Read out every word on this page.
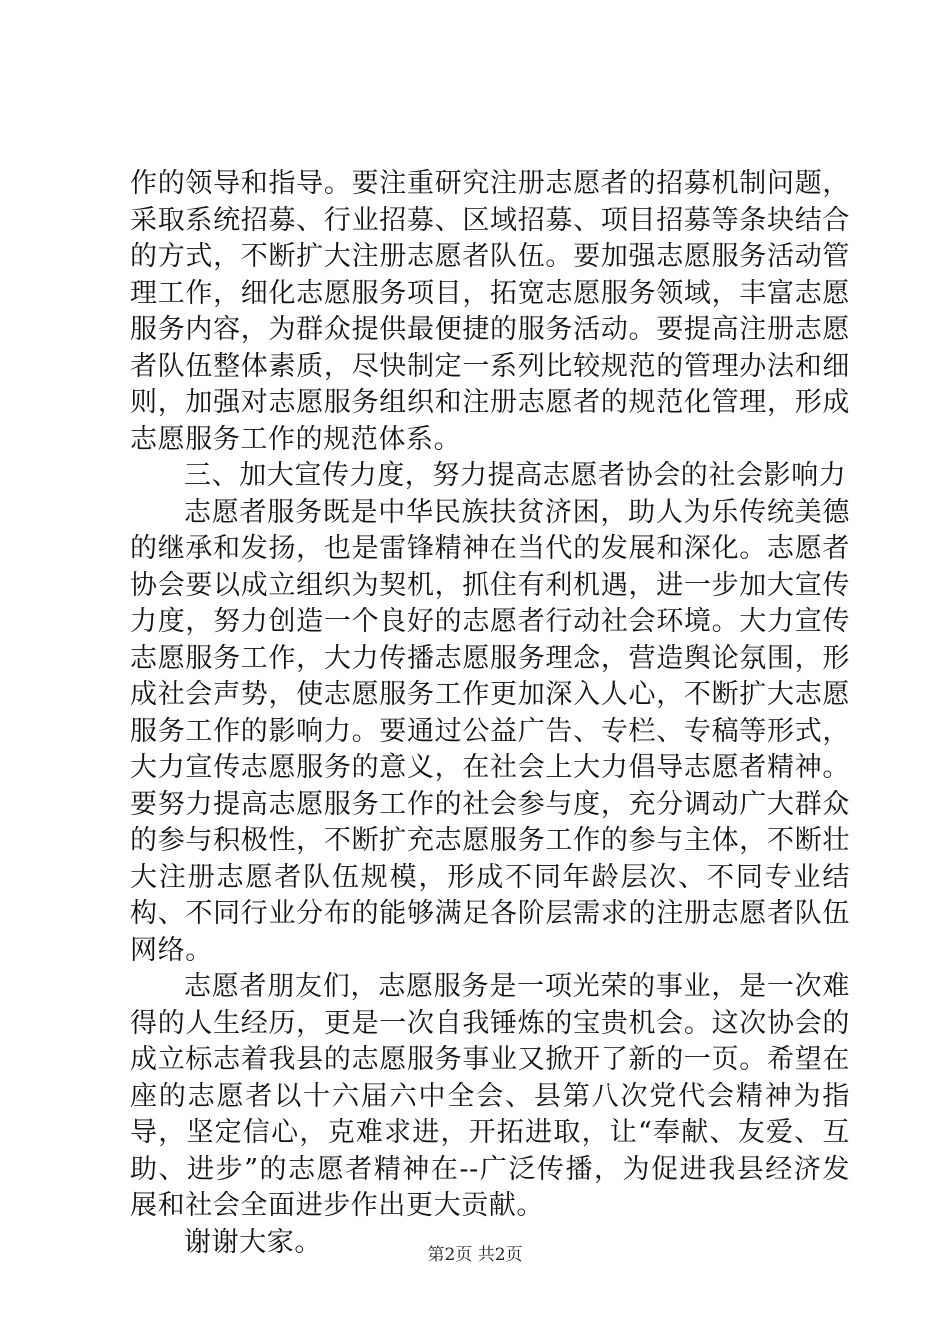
作的领导和指导。要注重研究注册志愿者的招募机制问题，采取系统招募、行业招募、区域招募、项目招募等条块结合的方式，不断扩大注册志愿者队伍。要加强志愿服务活动管理工作，细化志愿服务项目，拓宽志愿服务领域，丰富志愿服务内容，为群众提供最便捷的服务活动。要提高注册志愿者队伍整体素质，尽快制定一系列比较规范的管理办法和细则，加强对志愿服务组织和注册志愿者的规范化管理，形成志愿服务工作的规范体系。

三、加大宣传力度，努力提高志愿者协会的社会影响力

志愿者服务既是中华民族扶贫济困，助人为乐传统美德的继承和发扬，也是雷锋精神在当代的发展和深化。志愿者协会要以成立组织为契机，抓住有利机遇，进一步加大宣传力度，努力创造一个良好的志愿者行动社会环境。大力宣传志愿服务工作，大力传播志愿服务理念，营造舆论氛围，形成社会声势，使志愿服务工作更加深入人心，不断扩大志愿服务工作的影响力。要通过公益广告、专栏、专稿等形式，大力宣传志愿服务的意义，在社会上大力倡导志愿者精神。要努力提高志愿服务工作的社会参与度，充分调动广大群众的参与积极性，不断扩充志愿服务工作的参与主体，不断壮大注册志愿者队伍规模，形成不同年龄层次、不同专业结构、不同行业分布的能够满足各阶层需求的注册志愿者队伍网络。

志愿者朋友们，志愿服务是一项光荣的事业，是一次难得的人生经历，更是一次自我锤炼的宝贵机会。这次协会的成立标志着我县的志愿服务事业又掀开了新的一页。希望在座的志愿者以十六届六中全会、县第八次党代会精神为指导，坚定信心，克难求进，开拓进取，让“奉献、友爱、互助、进步”的志愿者精神在--广泛传播，为促进我县经济发展和社会全面进步作出更大贡献。

谢谢大家。	第2页 共2页
